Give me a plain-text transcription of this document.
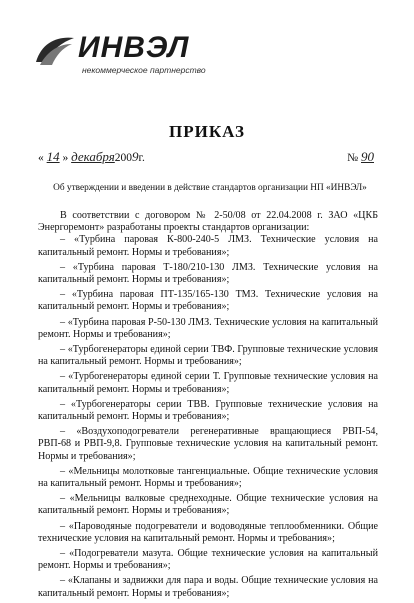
ИНВЭЛ
некоммерческое партнерство
ПРИКАЗ
« 14 » декабря2009г.	№ 90
Об утверждении и введении в действие стандартов организации НП «ИНВЭЛ»

В соответствии с договором № 2-50/08 от 22.04.2008 г. ЗАО «ЦКБ Энергоремонт» разработаны проекты стандартов организации:

– «Турбина паровая К-800-240-5 ЛМЗ. Технические условия на капитальный ремонт. Нормы и требования»;

– «Турбина паровая Т-180/210-130 ЛМЗ. Технические условия на капитальный ремонт. Нормы и требования»;

– «Турбина паровая ПТ-135/165-130 ТМЗ. Технические условия на капитальный ремонт. Нормы и требования»;

– «Турбина паровая Р-50-130 ЛМЗ. Технические условия на капитальный ремонт. Нормы и требования»;

– «Турбогенераторы единой серии ТВФ. Групповые технические условия на капитальный ремонт. Нормы и требования»;

– «Турбогенераторы единой серии Т. Групповые технические условия на капитальный ремонт. Нормы и требования»;

– «Турбогенераторы серии ТВВ. Групповые технические условия на капитальный ремонт. Нормы и требования»;

– «Воздухоподогреватели регенеративные вращающиеся РВП-54, РВП-68 и РВП-9,8. Групповые технические условия на капитальный ремонт. Нормы и требования»;

– «Мельницы молотковые тангенциальные. Общие технические условия на капитальный ремонт. Нормы и требования»;

– «Мельницы валковые среднеходные. Общие технические условия на капитальный ремонт. Нормы и требования»;

– «Пароводяные подогреватели и водоводяные теплообменники. Общие технические условия на капитальный ремонт. Нормы и требования»;

– «Подогреватели мазута. Общие технические условия на капитальный ремонт. Нормы и требования»;

– «Клапаны и задвижки для пара и воды. Общие технические условия на капитальный ремонт. Нормы и требования»;
